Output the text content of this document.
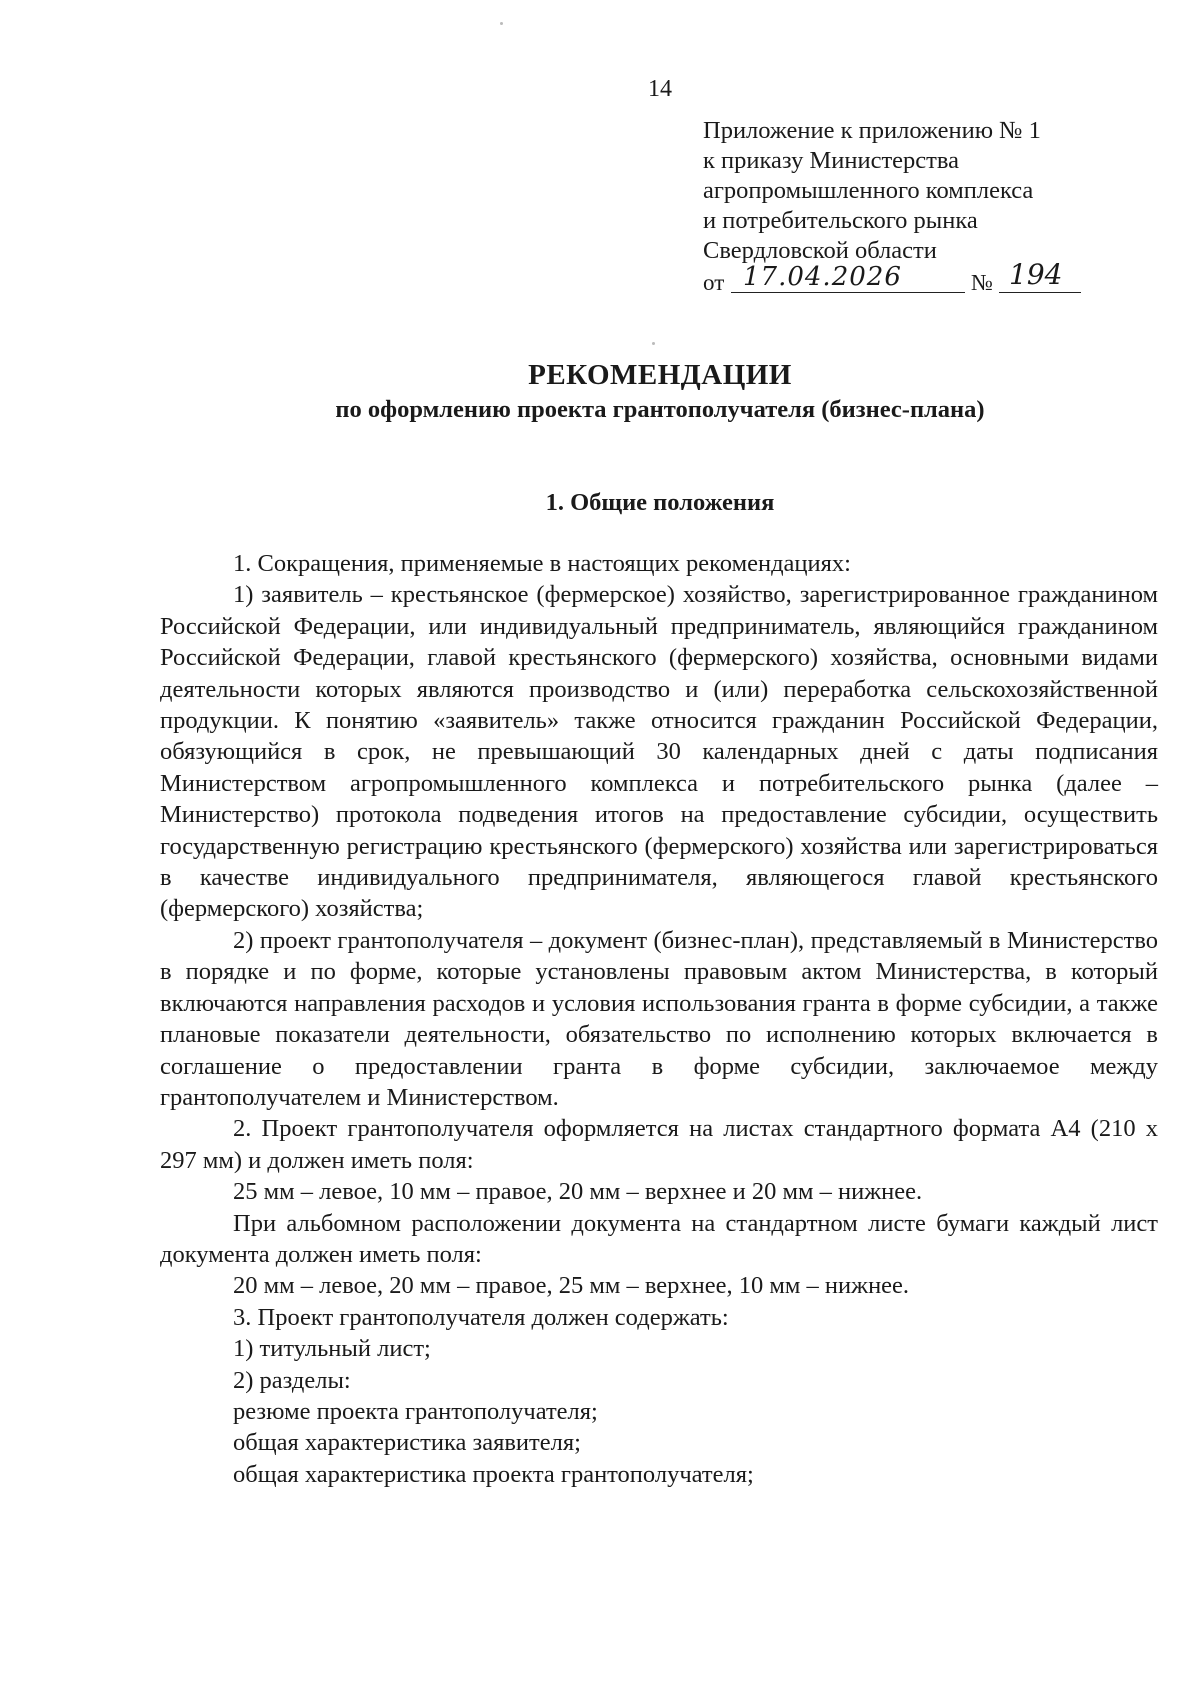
14
Приложение к приложению № 1
к приказу Министерства
агропромышленного комплекса
и потребительского рынка
Свердловской области
от 17.04.2026	№ 194
РЕКОМЕНДАЦИИ
по оформлению проекта грантополучателя (бизнес-плана)
1. Общие положения

1. Сокращения, применяемые в настоящих рекомендациях:

1) заявитель – крестьянское (фермерское) хозяйство, зарегистрированное гражданином Российской Федерации, или индивидуальный предприниматель, являющийся гражданином Российской Федерации, главой крестьянского (фермерского) хозяйства, основными видами деятельности которых являются производство и (или) переработка сельскохозяйственной продукции. К понятию «заявитель» также относится гражданин Российской Федерации, обязующийся в срок, не превышающий 30 календарных дней с даты подписания Министерством агропромышленного комплекса и потребительского рынка (далее – Министерство) протокола подведения итогов на предоставление субсидии, осуществить государственную регистрацию крестьянского (фермерского) хозяйства или зарегистрироваться в качестве индивидуального предпринимателя, являющегося главой крестьянского (фермерского) хозяйства;

2) проект грантополучателя – документ (бизнес-план), представляемый в Министерство в порядке и по форме, которые установлены правовым актом Министерства, в который включаются направления расходов и условия использования гранта в форме субсидии, а также плановые показатели деятельности, обязательство по исполнению которых включается в соглашение о предоставлении гранта в форме субсидии, заключаемое между грантополучателем и Министерством.

2. Проект грантополучателя оформляется на листах стандартного формата А4 (210 х 297 мм) и должен иметь поля:

25 мм – левое, 10 мм – правое, 20 мм – верхнее и 20 мм – нижнее.

При альбомном расположении документа на стандартном листе бумаги каждый лист документа должен иметь поля:

20 мм – левое, 20 мм – правое, 25 мм – верхнее, 10 мм – нижнее.

3. Проект грантополучателя должен содержать:

1) титульный лист;

2) разделы:

резюме проекта грантополучателя;

общая характеристика заявителя;

общая характеристика проекта грантополучателя;
